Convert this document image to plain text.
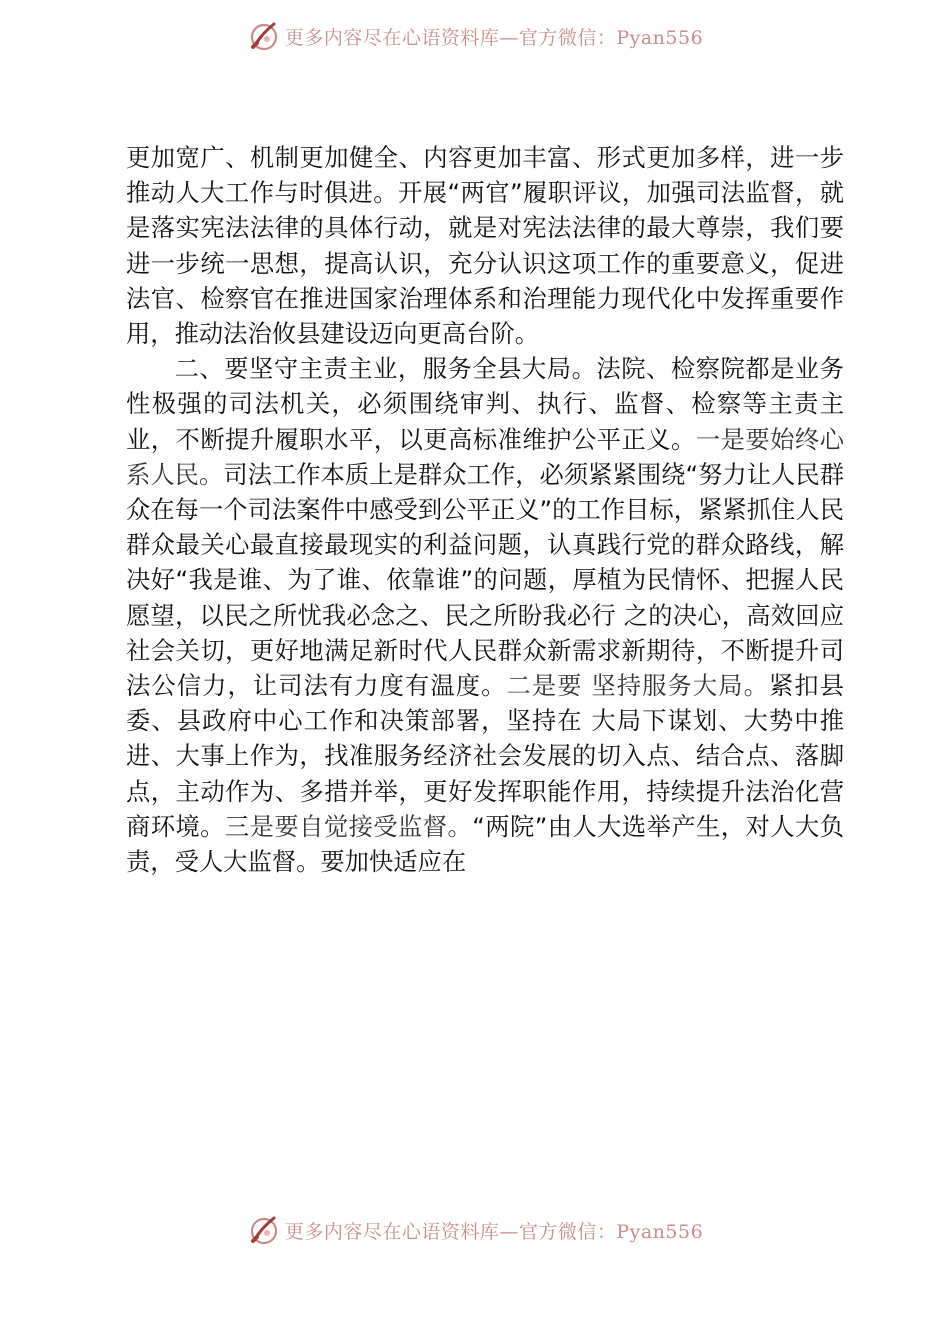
更多内容尽在心语资料库—官方微信：Pyan556

更加宽广、机制更加健全、内容更加丰富、形式更加多样，进一步推动人大工作与时俱进。开展“两官”履职评议，加强司法监督，就是落实宪法法律的具体行动，就是对宪法法律的最大尊崇，我们要进一步统一思想，提高认识，充分认识这项工作的重要意义，促进法官、检察官在推进国家治理体系和治理能力现代化中发挥重要作用，推动法治攸县建设迈向更高台阶。

二、要坚守主责主业，服务全县大局。法院、检察院都是业务性极强的司法机关，必须围绕审判、执行、监督、检察等主责主业，不断提升履职水平，以更高标准维护公平正义。一是要始终心系人民。司法工作本质上是群众工作，必须紧紧围绕“努力让人民群众在每一个司法案件中感受到公平正义”的工作目标，紧紧抓住人民群众最关心最直接最现实的利益问题，认真践行党的群众路线，解决好“我是谁、为了谁、依靠谁”的问题，厚植为民情怀、把握人民愿望，以民之所忧我必念之、民之所盼我必行 之的决心，高效回应社会关切，更好地满足新时代人民群众新需求新期待，不断提升司法公信力，让司法有力度有温度。二是要 坚持服务大局。紧扣县委、县政府中心工作和决策部署，坚持在 大局下谋划、大势中推进、大事上作为，找准服务经济社会发展的切入点、结合点、落脚点，主动作为、多措并举，更好发挥职能作用，持续提升法治化营商环境。三是要自觉接受监督。“两院”由人大选举产生，对人大负责，受人大监督。要加快适应在

更多内容尽在心语资料库—官方微信：Pyan556
